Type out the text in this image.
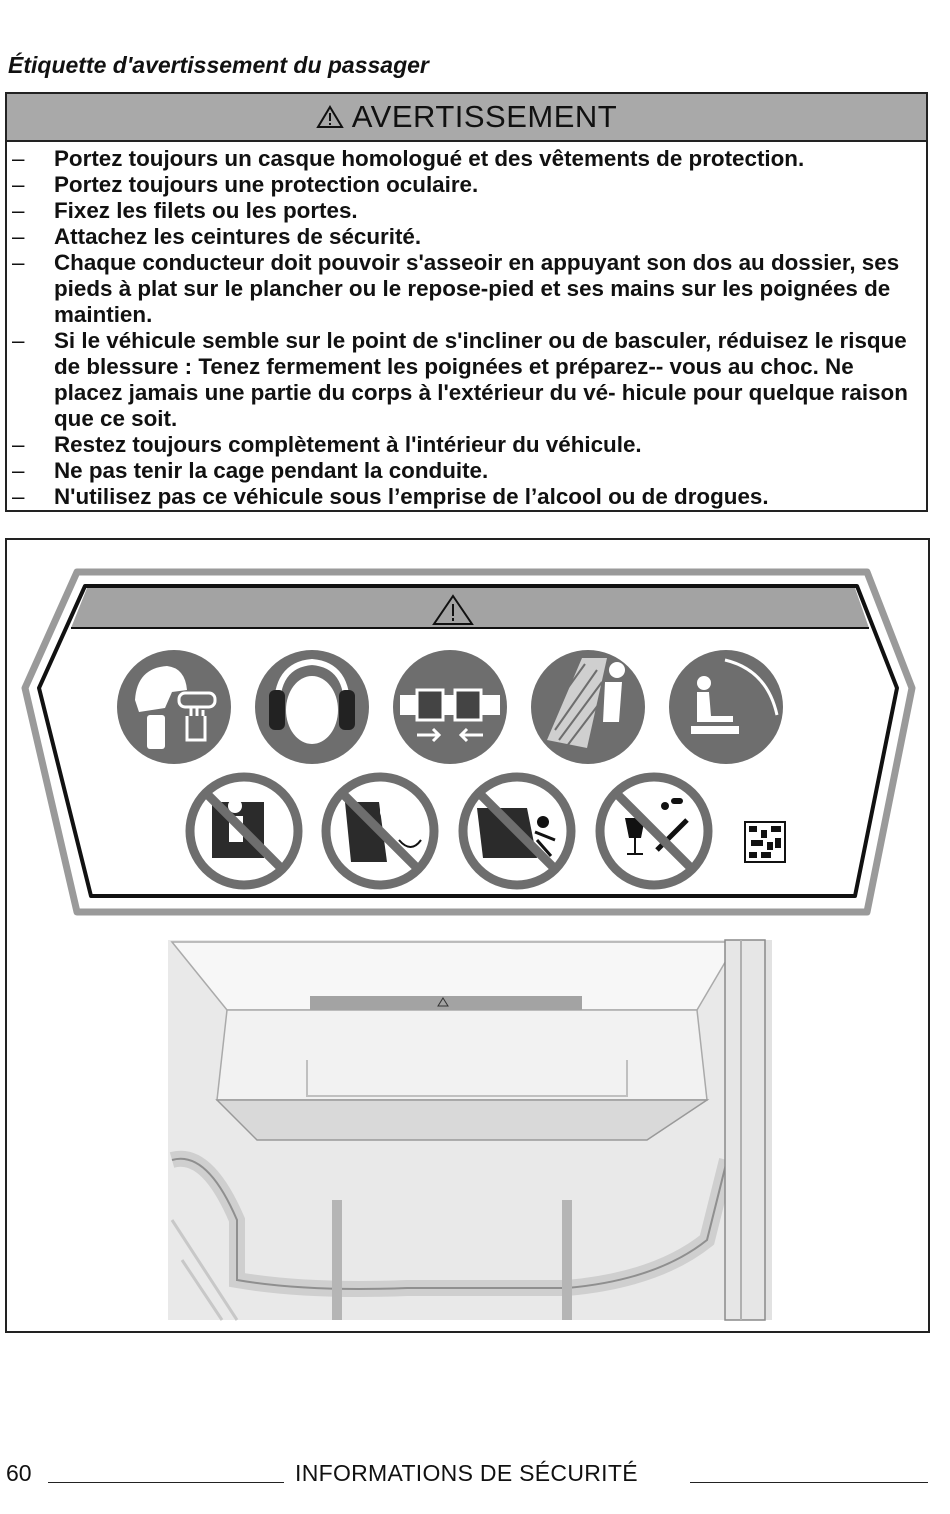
Étiquette d'avertissement du passager
AVERTISSEMENT
– Portez toujours un casque homologué et des vêtements de protection.
– Portez toujours une protection oculaire.
– Fixez les filets ou les portes.
– Attachez les ceintures de sécurité.
– Chaque conducteur doit pouvoir s'asseoir en appuyant son dos au dossier, ses pieds à plat sur le plancher ou le repose-pied et ses mains sur les poignées de maintien.
– Si le véhicule semble sur le point de s'incliner ou de basculer, réduisez le risque de blessure : Tenez fermement les poignées et préparez-- vous au choc. Ne placez jamais une partie du corps à l'extérieur du vé- hicule pour quelque raison que ce soit.
– Restez toujours complètement à l'intérieur du véhicule.
– Ne pas tenir la cage pendant la conduite.
– N'utilisez pas ce véhicule sous l’emprise de l’alcool ou de drogues.
60	INFORMATIONS DE SÉCURITÉ
